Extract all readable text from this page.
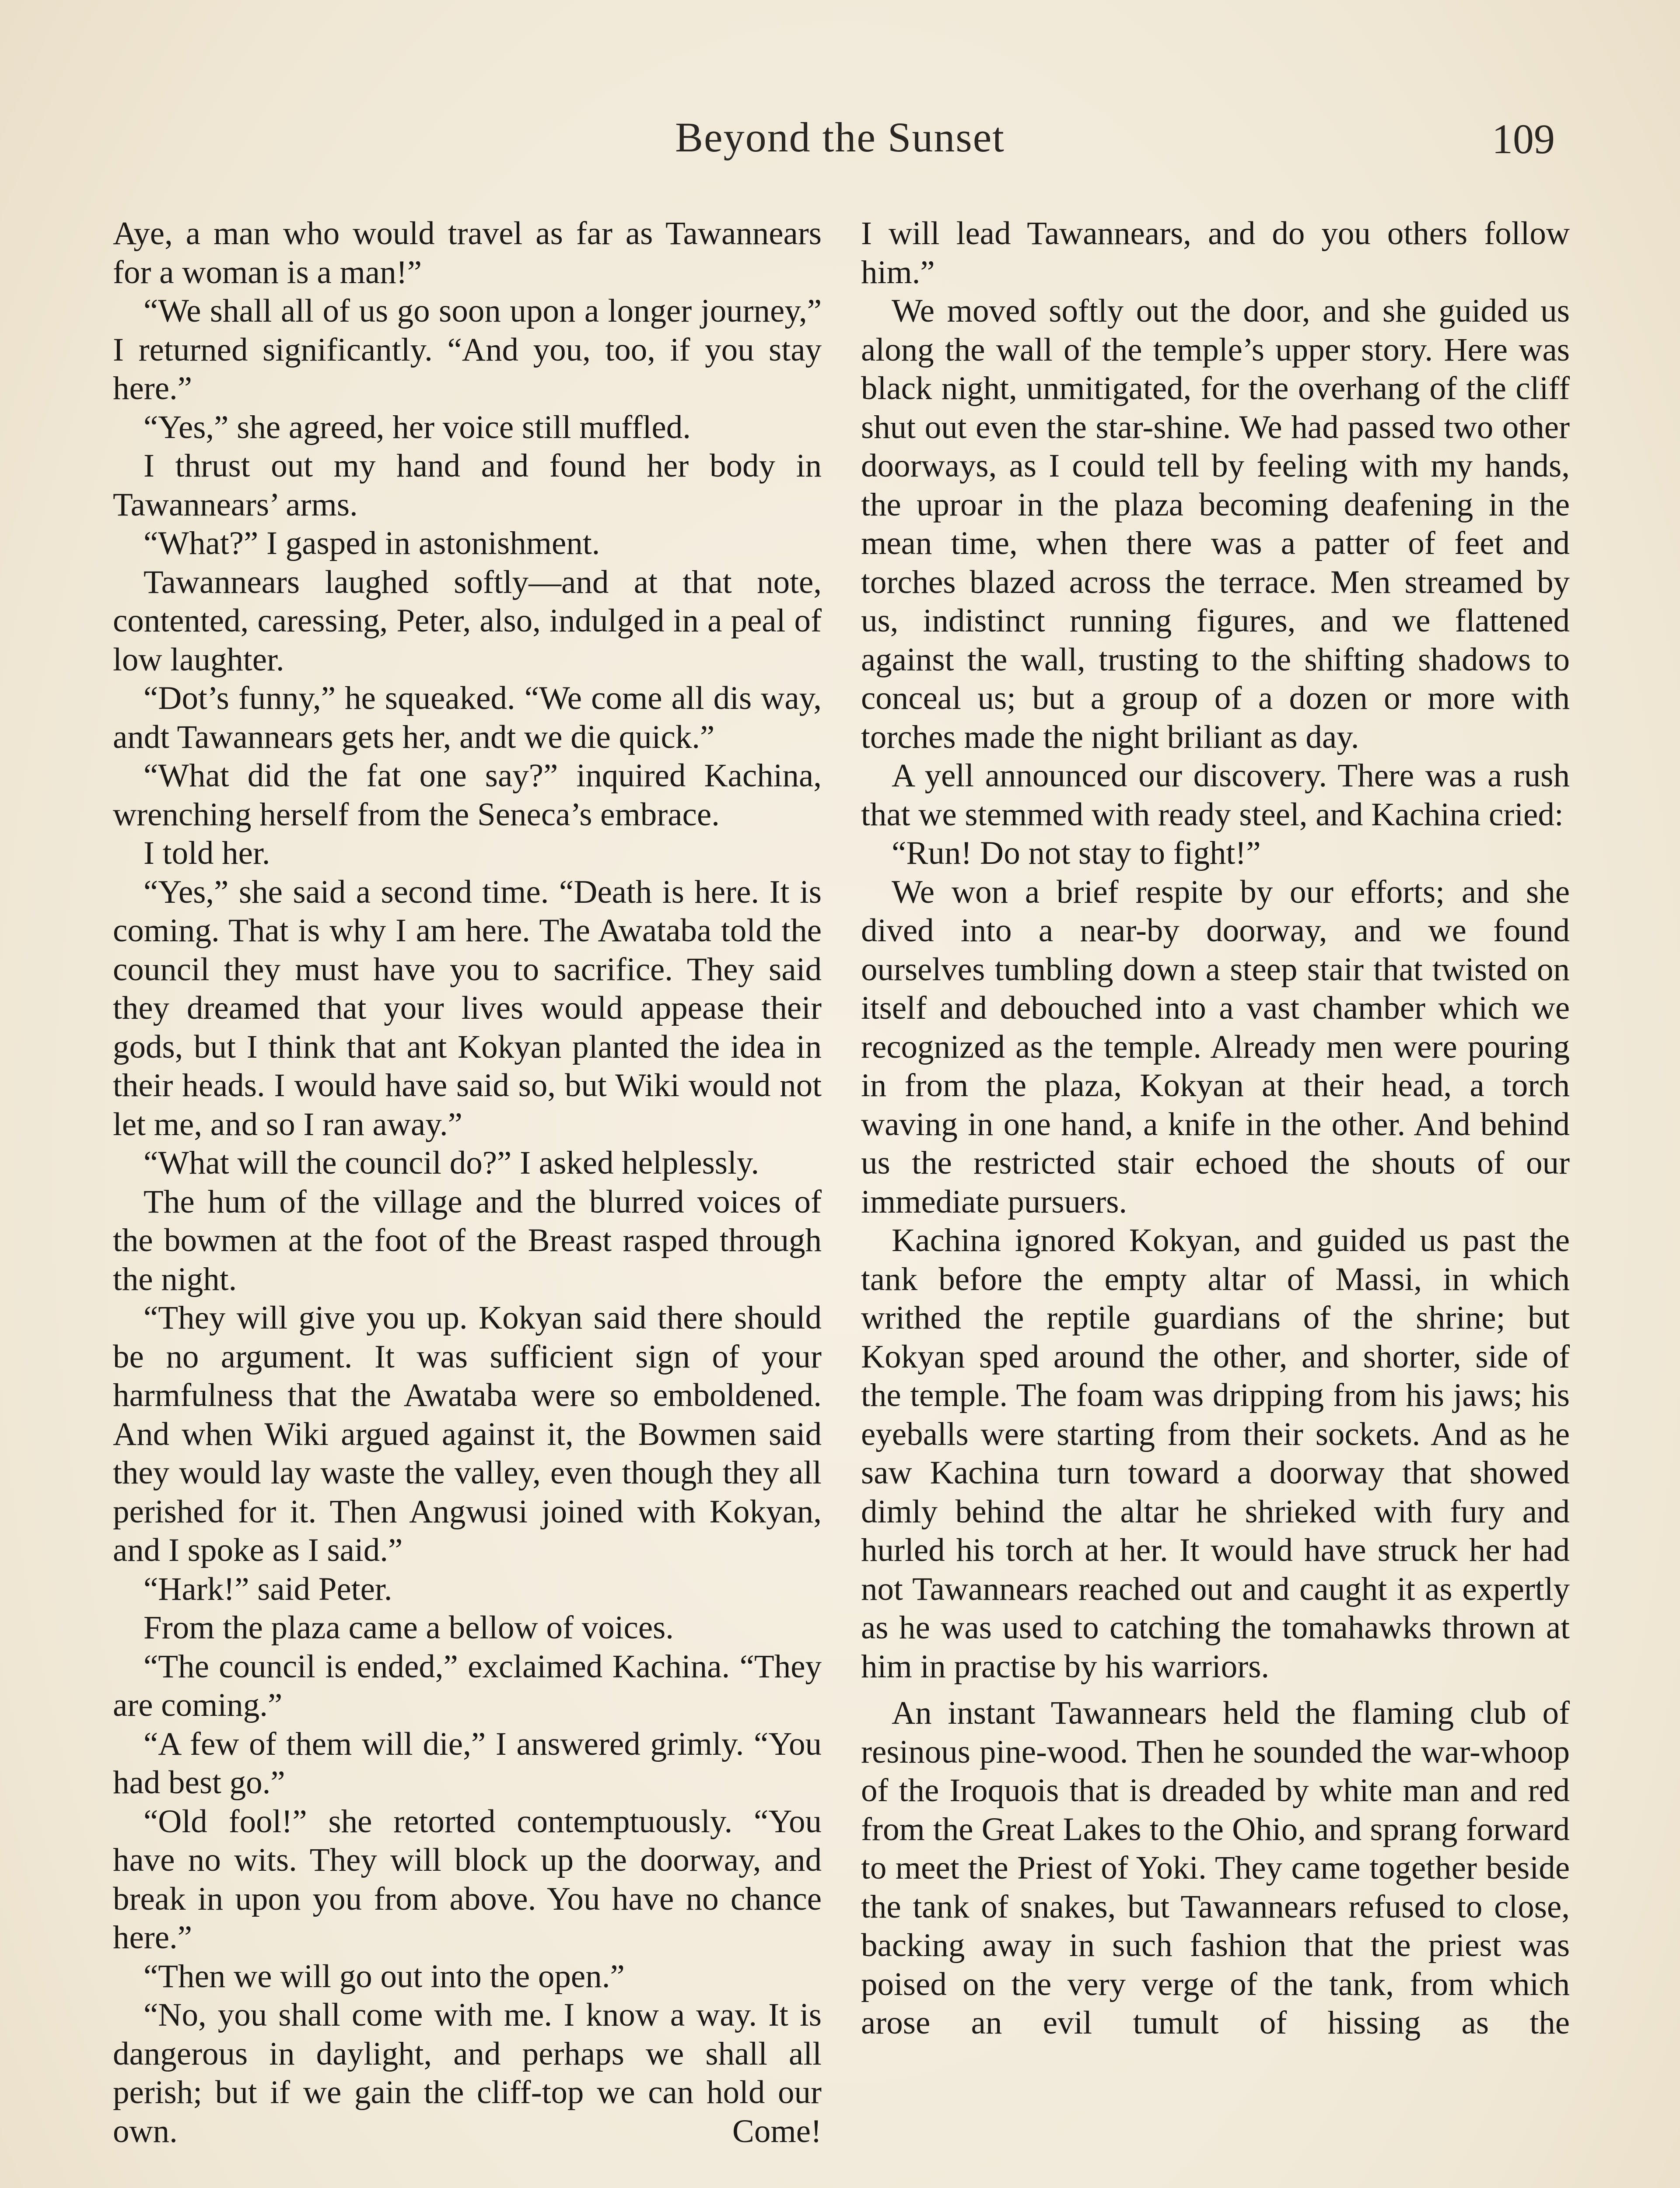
Beyond the Sunset	109

Aye, a man who would travel as far as Tawannears for a woman is a man!”

“We shall all of us go soon upon a longer journey,” I returned significantly. “And you, too, if you stay here.”

“Yes,” she agreed, her voice still muffled.

I thrust out my hand and found her body in Tawannears’ arms.

“What?” I gasped in astonishment.

Tawannears laughed softly—and at that note, contented, caressing, Peter, also, indulged in a peal of low laughter.

“Dot’s funny,” he squeaked. “We come all dis way, andt Tawannears gets her, andt we die quick.”

“What did the fat one say?” inquired Kachina, wrenching herself from the Seneca’s embrace.

I told her.

“Yes,” she said a second time. “Death is here. It is coming. That is why I am here. The Awataba told the council they must have you to sacrifice. They said they dreamed that your lives would appease their gods, but I think that ant Kokyan planted the idea in their heads. I would have said so, but Wiki would not let me, and so I ran away.”

“What will the council do?” I asked helplessly.

The hum of the village and the blurred voices of the bowmen at the foot of the Breast rasped through the night.

“They will give you up. Kokyan said there should be no argument. It was sufficient sign of your harmfulness that the Awataba were so emboldened. And when Wiki argued against it, the Bowmen said they would lay waste the valley, even though they all perished for it. Then Angwusi joined with Kokyan, and I spoke as I said.”

“Hark!” said Peter.

From the plaza came a bellow of voices.

“The council is ended,” exclaimed Kachina. “They are coming.”

“A few of them will die,” I answered grimly. “You had best go.”

“Old fool!” she retorted contemptuously. “You have no wits. They will block up the doorway, and break in upon you from above. You have no chance here.”

“Then we will go out into the open.”

“No, you shall come with me. I know a way. It is dangerous in daylight, and perhaps we shall all perish; but if we gain the cliff-top we can hold our own. Come!

I will lead Tawannears, and do you others follow him.”

We moved softly out the door, and she guided us along the wall of the temple’s upper story. Here was black night, unmitigated, for the overhang of the cliff shut out even the star-shine. We had passed two other doorways, as I could tell by feeling with my hands, the uproar in the plaza becoming deafening in the mean time, when there was a patter of feet and torches blazed across the terrace. Men streamed by us, indistinct running figures, and we flattened against the wall, trusting to the shifting shadows to conceal us; but a group of a dozen or more with torches made the night briliant as day.

A yell announced our discovery. There was a rush that we stemmed with ready steel, and Kachina cried:

“Run! Do not stay to fight!”

We won a brief respite by our efforts; and she dived into a near-by doorway, and we found ourselves tumbling down a steep stair that twisted on itself and debouched into a vast chamber which we recognized as the temple. Already men were pouring in from the plaza, Kokyan at their head, a torch waving in one hand, a knife in the other. And behind us the restricted stair echoed the shouts of our immediate pursuers.

Kachina ignored Kokyan, and guided us past the tank before the empty altar of Massi, in which writhed the reptile guardians of the shrine; but Kokyan sped around the other, and shorter, side of the temple. The foam was dripping from his jaws; his eyeballs were starting from their sockets. And as he saw Kachina turn toward a doorway that showed dimly behind the altar he shrieked with fury and hurled his torch at her. It would have struck her had not Tawannears reached out and caught it as expertly as he was used to catching the tomahawks thrown at him in practise by his warriors.

An instant Tawannears held the flaming club of resinous pine-wood. Then he sounded the war-whoop of the Iroquois that is dreaded by white man and red from the Great Lakes to the Ohio, and sprang forward to meet the Priest of Yoki. They came together beside the tank of snakes, but Tawannears refused to close, backing away in such fashion that the priest was poised on the very verge of the tank, from which arose an evil tumult of hissing as the
